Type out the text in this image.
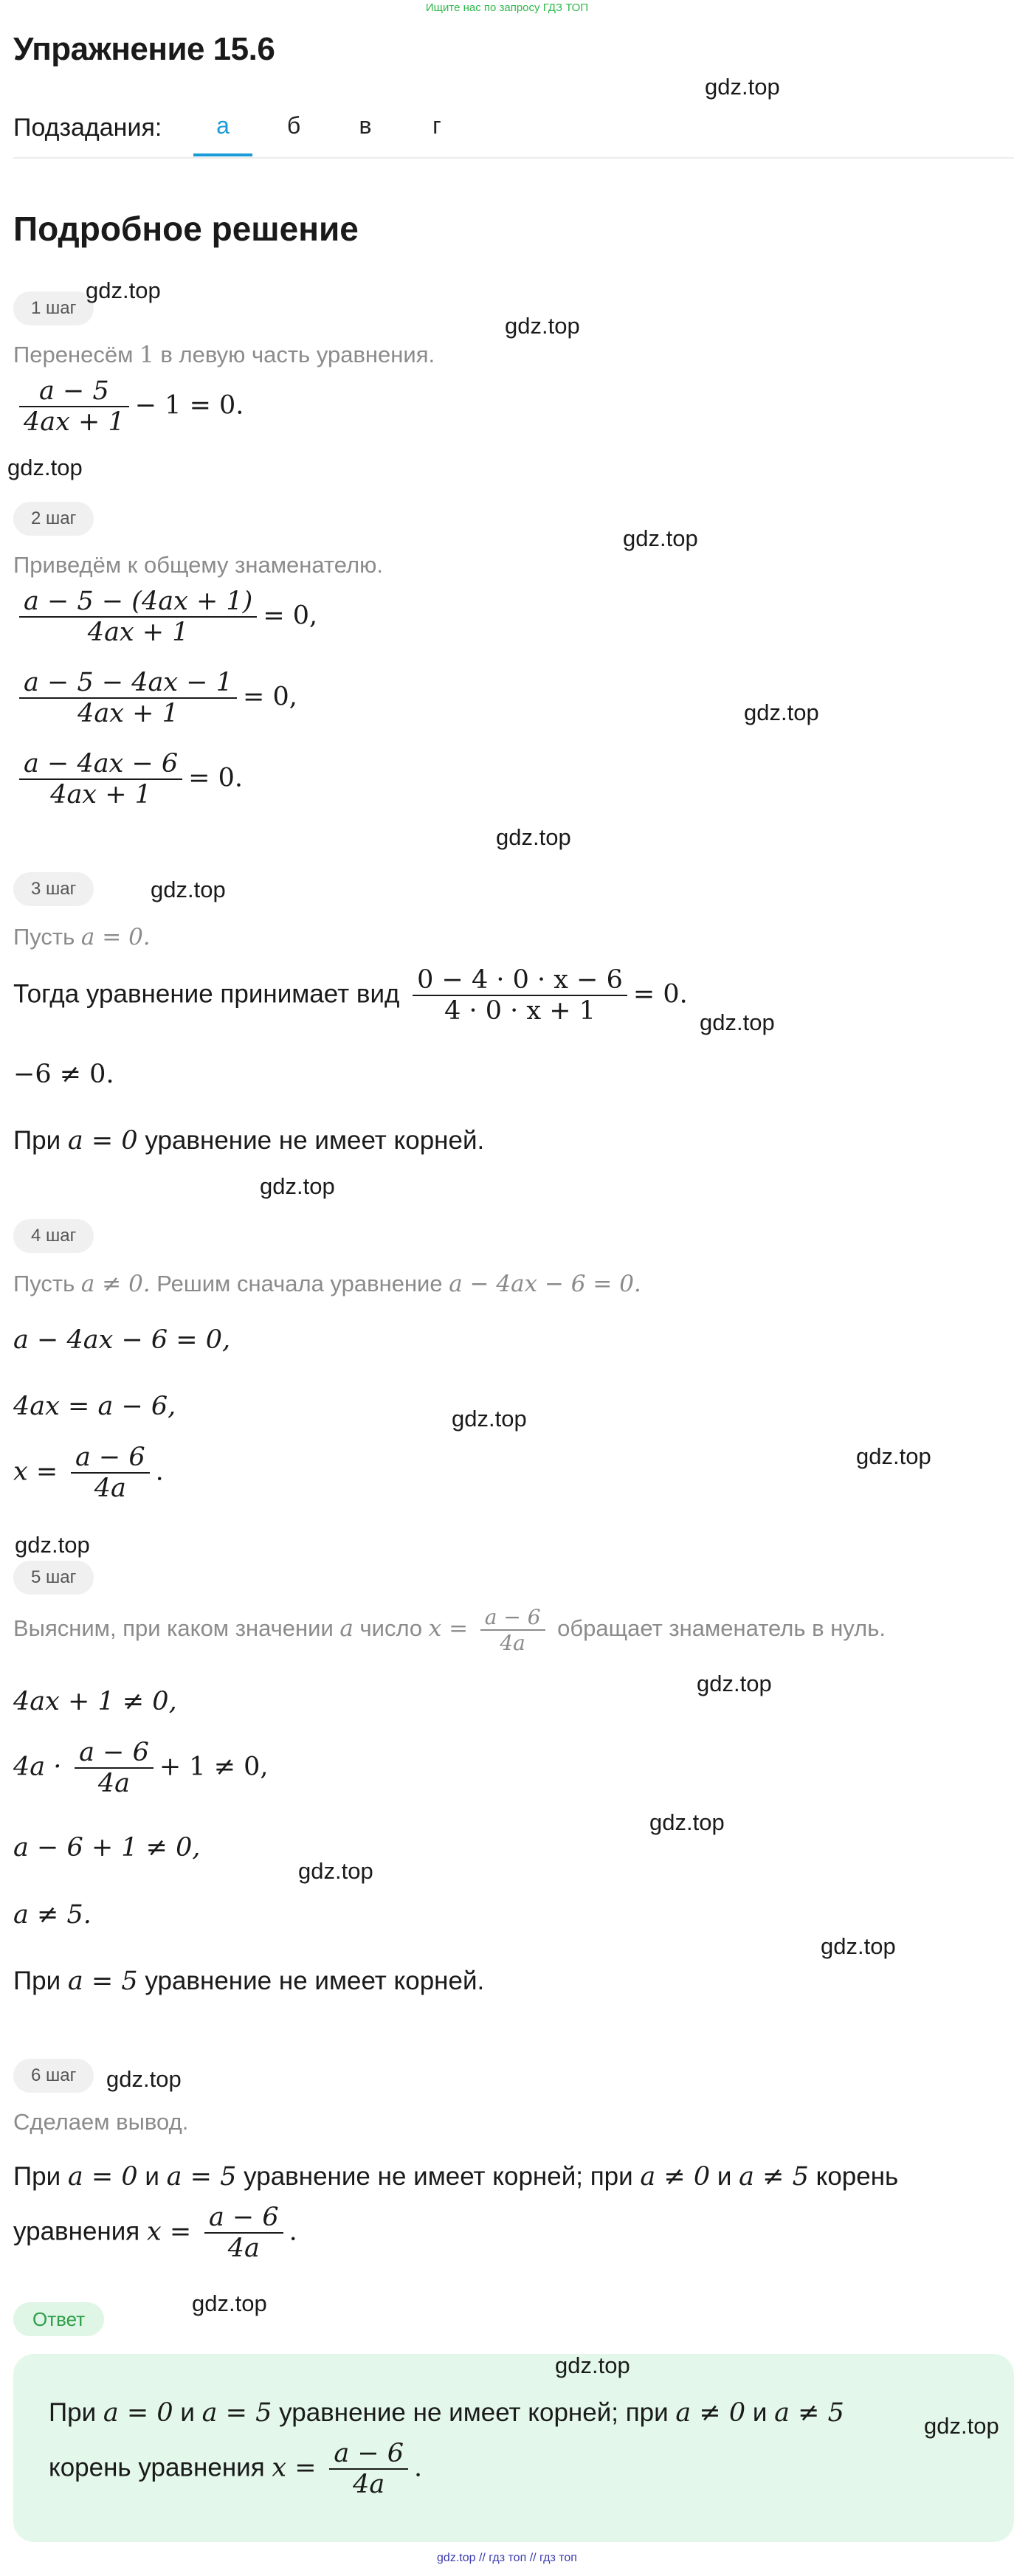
Ищите нас по запросу ГДЗ ТОП
Упражнение 15.6
Подзадания:	а	б	в	г
Подробное решение
1 шаг
Перенесём 1 в левую часть уравнения.
$\frac{a - 5}{4ax + 1} - 1 = 0$.
2 шаг
Приведём к общему знаменателю.
$\frac{a - 5 - (4ax + 1)}{4ax + 1} = 0$,
$\frac{a - 5 - 4ax - 1}{4ax + 1} = 0$,
$\frac{a - 4ax - 6}{4ax + 1} = 0$.
3 шаг
Пусть a = 0.
Тогда уравнение принимает вид $\frac{0 - 4 \cdot 0 \cdot x - 6}{4 \cdot 0 \cdot x + 1} = 0$.
−6 ≠ 0.
При a = 0 уравнение не имеет корней.
4 шаг
Пусть a ≠ 0. Решим сначала уравнение a − 4ax − 6 = 0.
a − 4ax − 6 = 0,
4ax = a − 6,
$x = \frac{a - 6}{4a}$ .
5 шаг
Выясним, при каком значении a число $x = \frac{a - 6}{4a}$ обращает знаменатель в нуль.
4ax + 1 ≠ 0,
$4a \cdot \frac{a - 6}{4a} + 1 \ne 0$,
a − 6 + 1 ≠ 0,
a ≠ 5.
При a = 5 уравнение не имеет корней.
6 шаг
Сделаем вывод.
При a = 0 и a = 5 уравнение не имеет корней; при a ≠ 0 и a ≠ 5 корень
уравнения $x = \frac{a - 6}{4a}$ .
Ответ
При a = 0 и a = 5 уравнение не имеет корней; при a ≠ 0 и a ≠ 5
корень уравнения $x = \frac{a - 6}{4a}$ .
gdz.top
gdz.top
gdz.top
gdz.top
gdz.top
gdz.top
gdz.top
gdz.top
gdz.top
gdz.top
gdz.top
gdz.top
gdz.top
gdz.top
gdz.top
gdz.top
gdz.top
gdz.top
gdz.top
gdz.top
gdz.top
gdz.top // гдз топ // гдз топ
